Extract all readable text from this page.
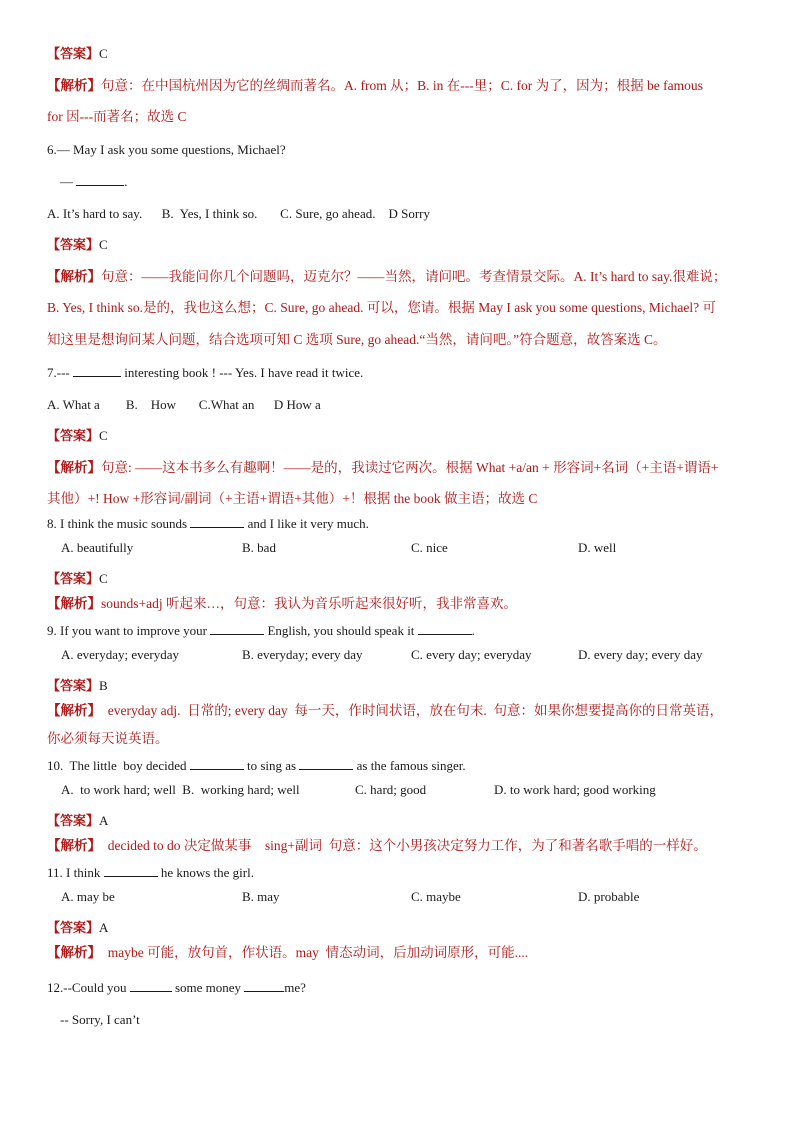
【答案】C
【解析】句意：在中国杭州因为它的丝绸而著名。A. from 从；B. in 在---里；C. for 为了，因为；根据 be famous
for 因---而著名；故选 C
6.— May I ask you some questions, Michael?
—	.
A. It’s hard to say.      B.  Yes, I think so.       C. Sure, go ahead.    D Sorry
【答案】C
【解析】句意：——我能问你几个问题吗，迈克尔？——当然，请问吧。考查情景交际。A. It’s hard to say.很难说；
B. Yes, I think so.是的，我也这么想；C. Sure, go ahead. 可以，您请。根据 May I ask you some questions, Michael? 可
知这里是想询问某人问题，结合选项可知 C 选项 Sure, go ahead.“当然，请问吧。”符合题意，故答案选 C。
7.---	interesting book ! --- Yes. I have read it twice.
A. What a        B.    How       C.What an      D How a
【答案】C
【解析】句意: ——这本书多么有趣啊！——是的，我读过它两次。根据 What +a/an + 形容词+名词（+主语+谓语+
其他）+! How +形容词/副词（+主语+谓语+其他）+！根据 the book 做主语；故选 C
8. I think the music sounds	and I like it very much.
A. beautifully	B. bad	C. nice	D. well
【答案】C
【解析】sounds+adj 听起来…，句意：我认为音乐听起来很好听，我非常喜欢。
9. If you want to improve your	English, you should speak it	.
A. everyday; everyday	B. everyday; every day	C. every day; everyday	D. every day; every day
【答案】B
【解析】  everyday adj.  日常的; every day  每一天，作时间状语，放在句末.  句意：如果你想要提高你的日常英语，
你必须每天说英语。
10.  The little  boy decided	to sing as	as the famous singer.
A.  to work hard; well  B.  working hard; well	C. hard; good	D. to work hard; good working
【答案】A
【解析】  decided to do 决定做某事    sing+副词  句意：这个小男孩决定努力工作，为了和著名歌手唱的一样好。
11. I think	he knows the girl.
A. may be	B. may	C. maybe	D. probable
【答案】A
【解析】  maybe 可能，放句首，作状语。may  情态动词，后加动词原形，可能....
12.--Could you	some money	me?
-- Sorry, I can’t
